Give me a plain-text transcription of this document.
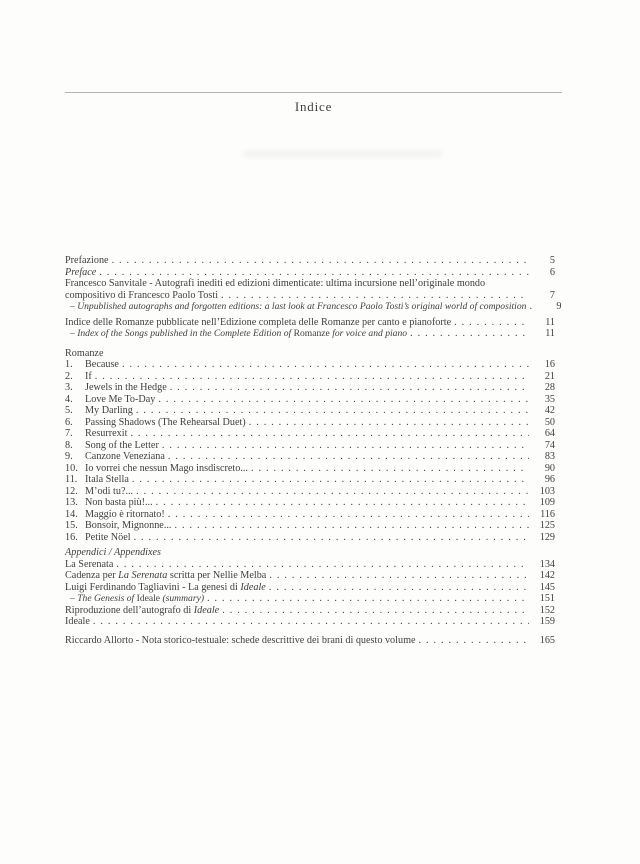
Indice
Prefazione . . .	5
Preface . . .	6
Francesco Sanvitale - Autografi inediti ed edizioni dimenticate: ultima incursione nell’originale mondo
compositivo di Francesco Paolo Tosti . . .	7
– Unpublished autographs and forgotten editions: a last look at Francesco Paolo Tosti’s original world of composition . . .	9
Indice delle Romanze pubblicate nell’Edizione completa delle Romanze per canto e pianoforte . . .	11
– Index of the Songs published in the Complete Edition of Romanze for voice and piano . . .	11
Romanze
1.	Because . . .	16
2.	If . . .	21
3.	Jewels in the Hedge . . .	28
4.	Love Me To-Day . . .	35
5.	My Darling . . .	42
6.	Passing Shadows (The Rehearsal Duet) . . .	50
7.	Resurrexit . . .	64
8.	Song of the Letter . . .	74
9.	Canzone Veneziana . . .	83
10. Io vorrei che nessun Mago insdiscreto... . . .	90
11. Itala Stella . . .	96
12. M’odi tu?... . . .	103
13. Non basta più!... . . .	109
14. Maggio è ritornato! . . .	116
15. Bonsoir, Mignonne... . . .	125
16. Petite Nöel . . .	129
Appendici / Appendixes
La Serenata . . .	134
Cadenza per La Serenata scritta per Nellie Melba . . .	142
Luigi Ferdinando Tagliavini - La genesi di Ideale . . .	145
– The Genesis of Ideale (summary) . . .	151
Riproduzione dell’autografo di Ideale . . .	152
Ideale . . .	159
Riccardo Allorto - Nota storico-testuale: schede descrittive dei brani di questo volume . . .	165
